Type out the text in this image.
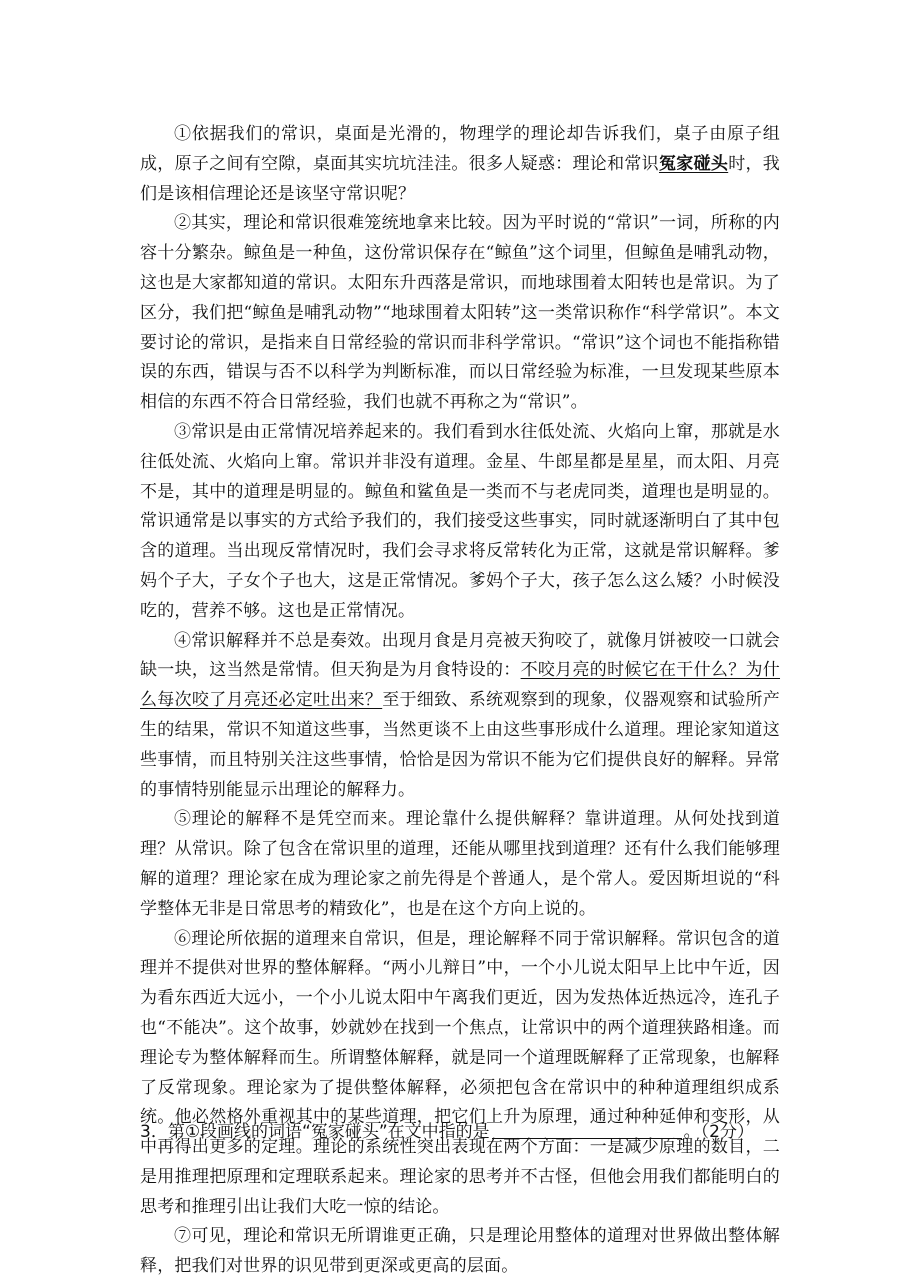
①依据我们的常识，桌面是光滑的，物理学的理论却告诉我们，桌子由原子组成，原子之间有空隙，桌面其实坑坑洼洼。很多人疑惑：理论和常识冤家碰头时，我们是该相信理论还是该坚守常识呢？

②其实，理论和常识很难笼统地拿来比较。因为平时说的“常识”一词，所称的内容十分繁杂。鲸鱼是一种鱼，这份常识保存在“鲸鱼”这个词里，但鲸鱼是哺乳动物，这也是大家都知道的常识。太阳东升西落是常识，而地球围着太阳转也是常识。为了区分，我们把“鲸鱼是哺乳动物”“地球围着太阳转”这一类常识称作“科学常识”。本文要讨论的常识，是指来自日常经验的常识而非科学常识。“常识”这个词也不能指称错误的东西，错误与否不以科学为判断标准，而以日常经验为标准，一旦发现某些原本相信的东西不符合日常经验，我们也就不再称之为“常识”。

③常识是由正常情况培养起来的。我们看到水往低处流、火焰向上窜，那就是水往低处流、火焰向上窜。常识并非没有道理。金星、牛郎星都是星星，而太阳、月亮不是，其中的道理是明显的。鲸鱼和鲨鱼是一类而不与老虎同类，道理也是明显的。常识通常是以事实的方式给予我们的，我们接受这些事实，同时就逐渐明白了其中包含的道理。当出现反常情况时，我们会寻求将反常转化为正常，这就是常识解释。爹妈个子大，子女个子也大，这是正常情况。爹妈个子大，孩子怎么这么矮？小时候没吃的，营养不够。这也是正常情况。

④常识解释并不总是奏效。出现月食是月亮被天狗咬了，就像月饼被咬一口就会缺一块，这当然是常情。但天狗是为月食特设的：不咬月亮的时候它在干什么？为什么每次咬了月亮还必定吐出来？至于细致、系统观察到的现象，仪器观察和试验所产生的结果，常识不知道这些事，当然更谈不上由这些事形成什么道理。理论家知道这些事情，而且特别关注这些事情，恰恰是因为常识不能为它们提供良好的解释。异常的事情特别能显示出理论的解释力。

⑤理论的解释不是凭空而来。理论靠什么提供解释？靠讲道理。从何处找到道理？从常识。除了包含在常识里的道理，还能从哪里找到道理？还有什么我们能够理解的道理？理论家在成为理论家之前先得是个普通人，是个常人。爱因斯坦说的“科学整体无非是日常思考的精致化”，也是在这个方向上说的。

⑥理论所依据的道理来自常识，但是，理论解释不同于常识解释。常识包含的道理并不提供对世界的整体解释。“两小儿辩日”中，一个小儿说太阳早上比中午近，因为看东西近大远小，一个小儿说太阳中午离我们更近，因为发热体近热远冷，连孔子也“不能决”。这个故事，妙就妙在找到一个焦点，让常识中的两个道理狭路相逢。而理论专为整体解释而生。所谓整体解释，就是同一个道理既解释了正常现象，也解释了反常现象。理论家为了提供整体解释，必须把包含在常识中的种种道理组织成系统。他必然格外重视其中的某些道理，把它们上升为原理，通过种种延伸和变形，从中再得出更多的定理。理论的系统性突出表现在两个方面：一是减少原理的数目，二是用推理把原理和定理联系起来。理论家的思考并不古怪，但他会用我们都能明白的思考和推理引出让我们大吃一惊的结论。

⑦可见，理论和常识无所谓谁更正确，只是理论用整体的道理对世界做出整体解释，把我们对世界的识见带到更深或更高的层面。

3．第①段画线的词语“冤家碰头”在文中指的是	。（2分）
